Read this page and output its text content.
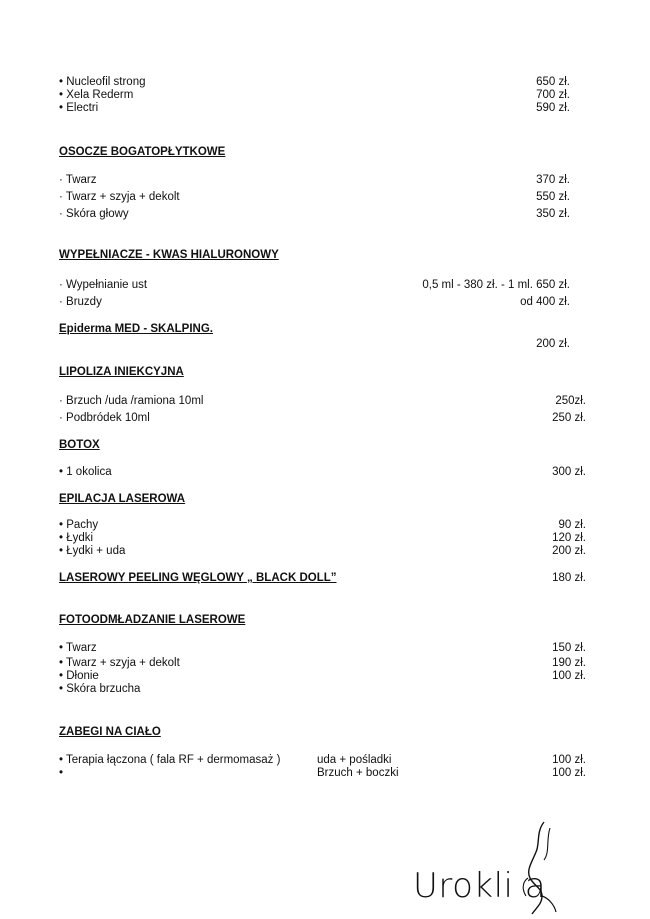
• Nucleofil strong	650 zł.
• Xela Rederm	700 zł.
• Electri	590 zł.
OSOCZE BOGATOPŁYTKOWE
· Twarz	370 zł.
· Twarz + szyja + dekolt	550 zł.
· Skóra głowy	350 zł.
WYPEŁNIACZE - KWAS HIALURONOWY
· Wypełnianie ust	0,5 ml - 380 zł. - 1 ml. 650 zł.
· Bruzdy	od 400 zł.
Epiderma MED - SKALPING.
200 zł.
LIPOLIZA INIEKCYJNA
· Brzuch /uda /ramiona 10ml	250zł.
· Podbródek 10ml	250 zł.
BOTOX
• 1 okolica	300 zł.
EPILACJA LASEROWA
• Pachy	90 zł.
• Łydki	120 zł.
• Łydki + uda	200 zł.
LASEROWY PEELING WĘGLOWY „ BLACK DOLL”	180 zł.
FOTOODMŁADZANIE LASEROWE
• Twarz	150 zł.
• Twarz + szyja + dekolt	190 zł.
• Dłonie	100 zł.
• Skóra brzucha
ZABEGI NA CIAŁO
• Terapia łączona ( fala RF + dermomasaż )	uda + pośladki	100 zł.
•	Brzuch + boczki	100 zł.
Urokli a
